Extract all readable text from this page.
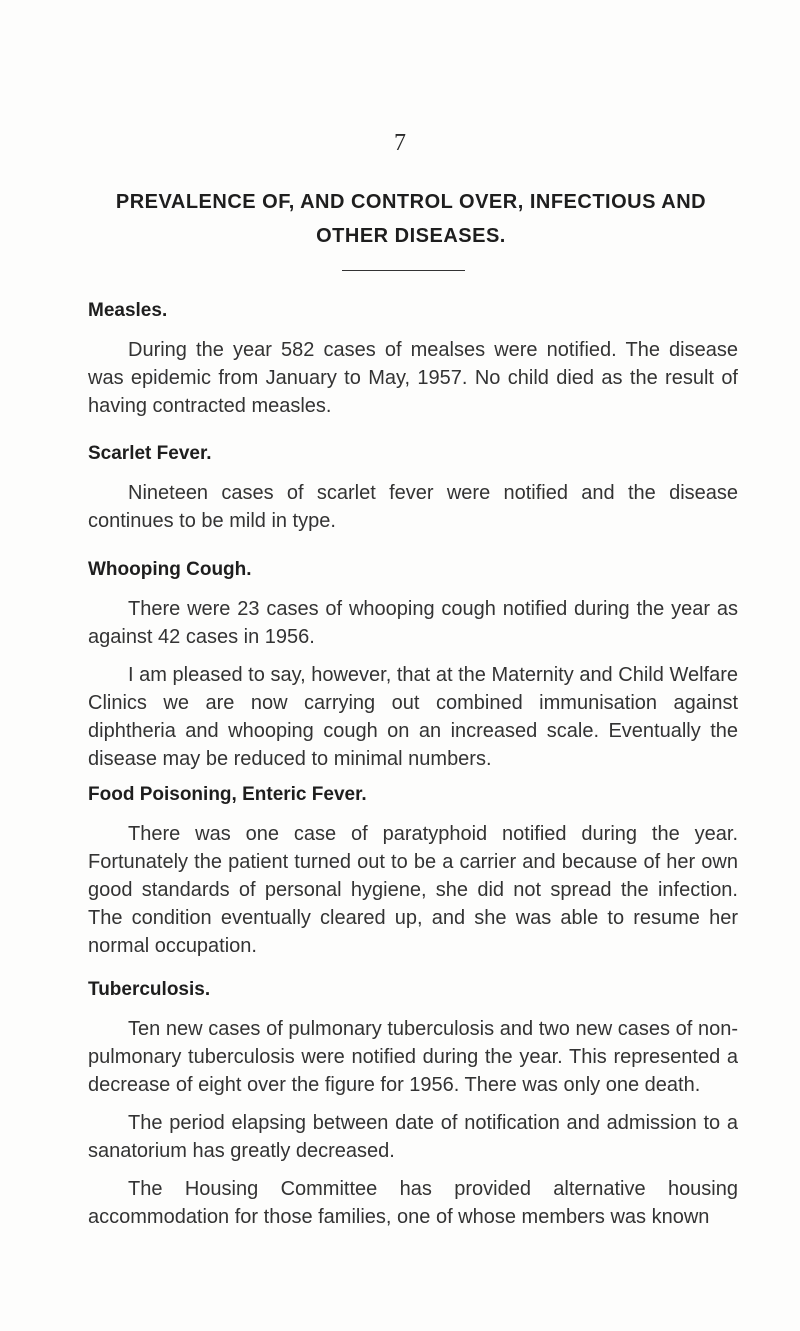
7
PREVALENCE OF, AND CONTROL OVER, INFECTIOUS AND
OTHER DISEASES.

Measles.

During the year 582 cases of mealses were notified. The disease was epidemic from January to May, 1957. No child died as the result of having contracted measles.

Scarlet Fever.

Nineteen cases of scarlet fever were notified and the disease continues to be mild in type.

Whooping Cough.

There were 23 cases of whooping cough notified during the year as against 42 cases in 1956.

I am pleased to say, however, that at the Maternity and Child Welfare Clinics we are now carrying out combined immunisation against diphtheria and whooping cough on an increased scale. Eventually the disease may be reduced to minimal numbers.

Food Poisoning, Enteric Fever.

There was one case of paratyphoid notified during the year. Fortunately the patient turned out to be a carrier and because of her own good standards of personal hygiene, she did not spread the infection. The condition eventually cleared up, and she was able to resume her normal occupation.

Tuberculosis.

Ten new cases of pulmonary tuberculosis and two new cases of non-pulmonary tuberculosis were notified during the year. This represented a decrease of eight over the figure for 1956. There was only one death.

The period elapsing between date of notification and admission to a sanatorium has greatly decreased.

The Housing Committee has provided alternative housing accommodation for those families, one of whose members was known
